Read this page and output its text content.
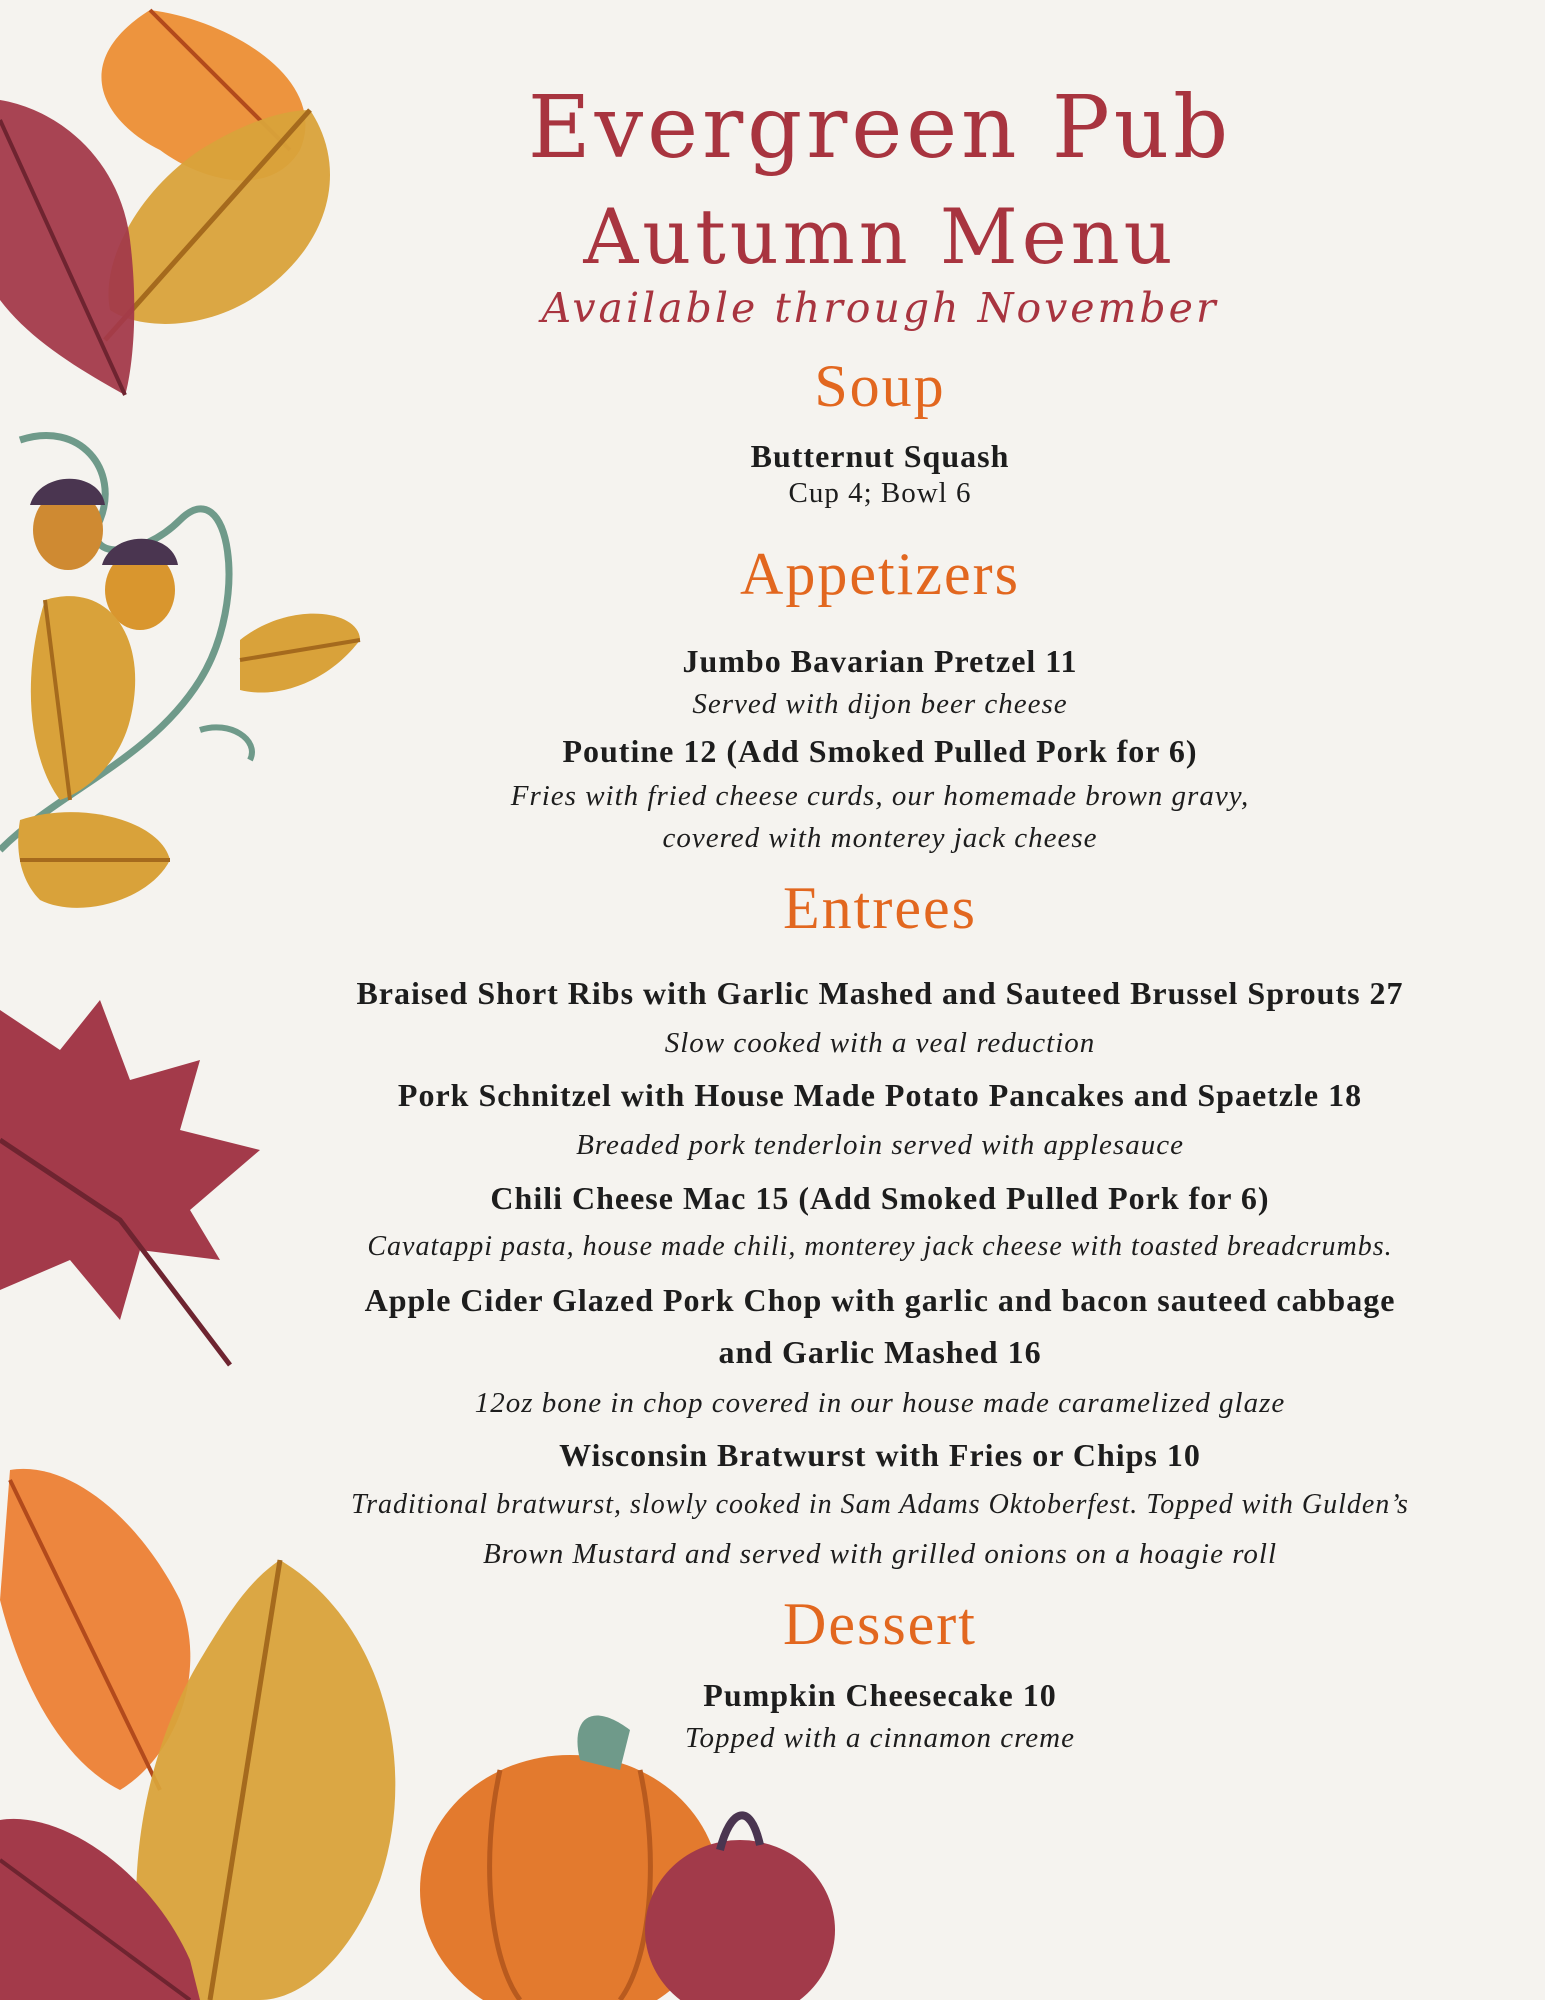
Evergreen Pub
Autumn Menu
Available through November
Soup
Butternut Squash
Cup 4; Bowl 6
Appetizers
Jumbo Bavarian Pretzel 11
Served with dijon beer cheese
Poutine 12 (Add Smoked Pulled Pork for 6)
Fries with fried cheese curds, our homemade brown gravy,
covered with monterey jack cheese
Entrees
Braised Short Ribs with Garlic Mashed and Sauteed Brussel Sprouts 27
Slow cooked with a veal reduction
Pork Schnitzel with House Made Potato Pancakes and Spaetzle 18
Breaded pork tenderloin served with applesauce
Chili Cheese Mac 15 (Add Smoked Pulled Pork for 6)
Cavatappi pasta, house made chili, monterey jack cheese with toasted breadcrumbs.
Apple Cider Glazed Pork Chop with garlic and bacon sauteed cabbage
and Garlic Mashed 16
12oz bone in chop covered in our house made caramelized glaze
Wisconsin Bratwurst with Fries or Chips 10
Traditional bratwurst, slowly cooked in Sam Adams Oktoberfest. Topped with Gulden’s
Brown Mustard and served with grilled onions on a hoagie roll
Dessert
Pumpkin Cheesecake 10
Topped with a cinnamon creme
